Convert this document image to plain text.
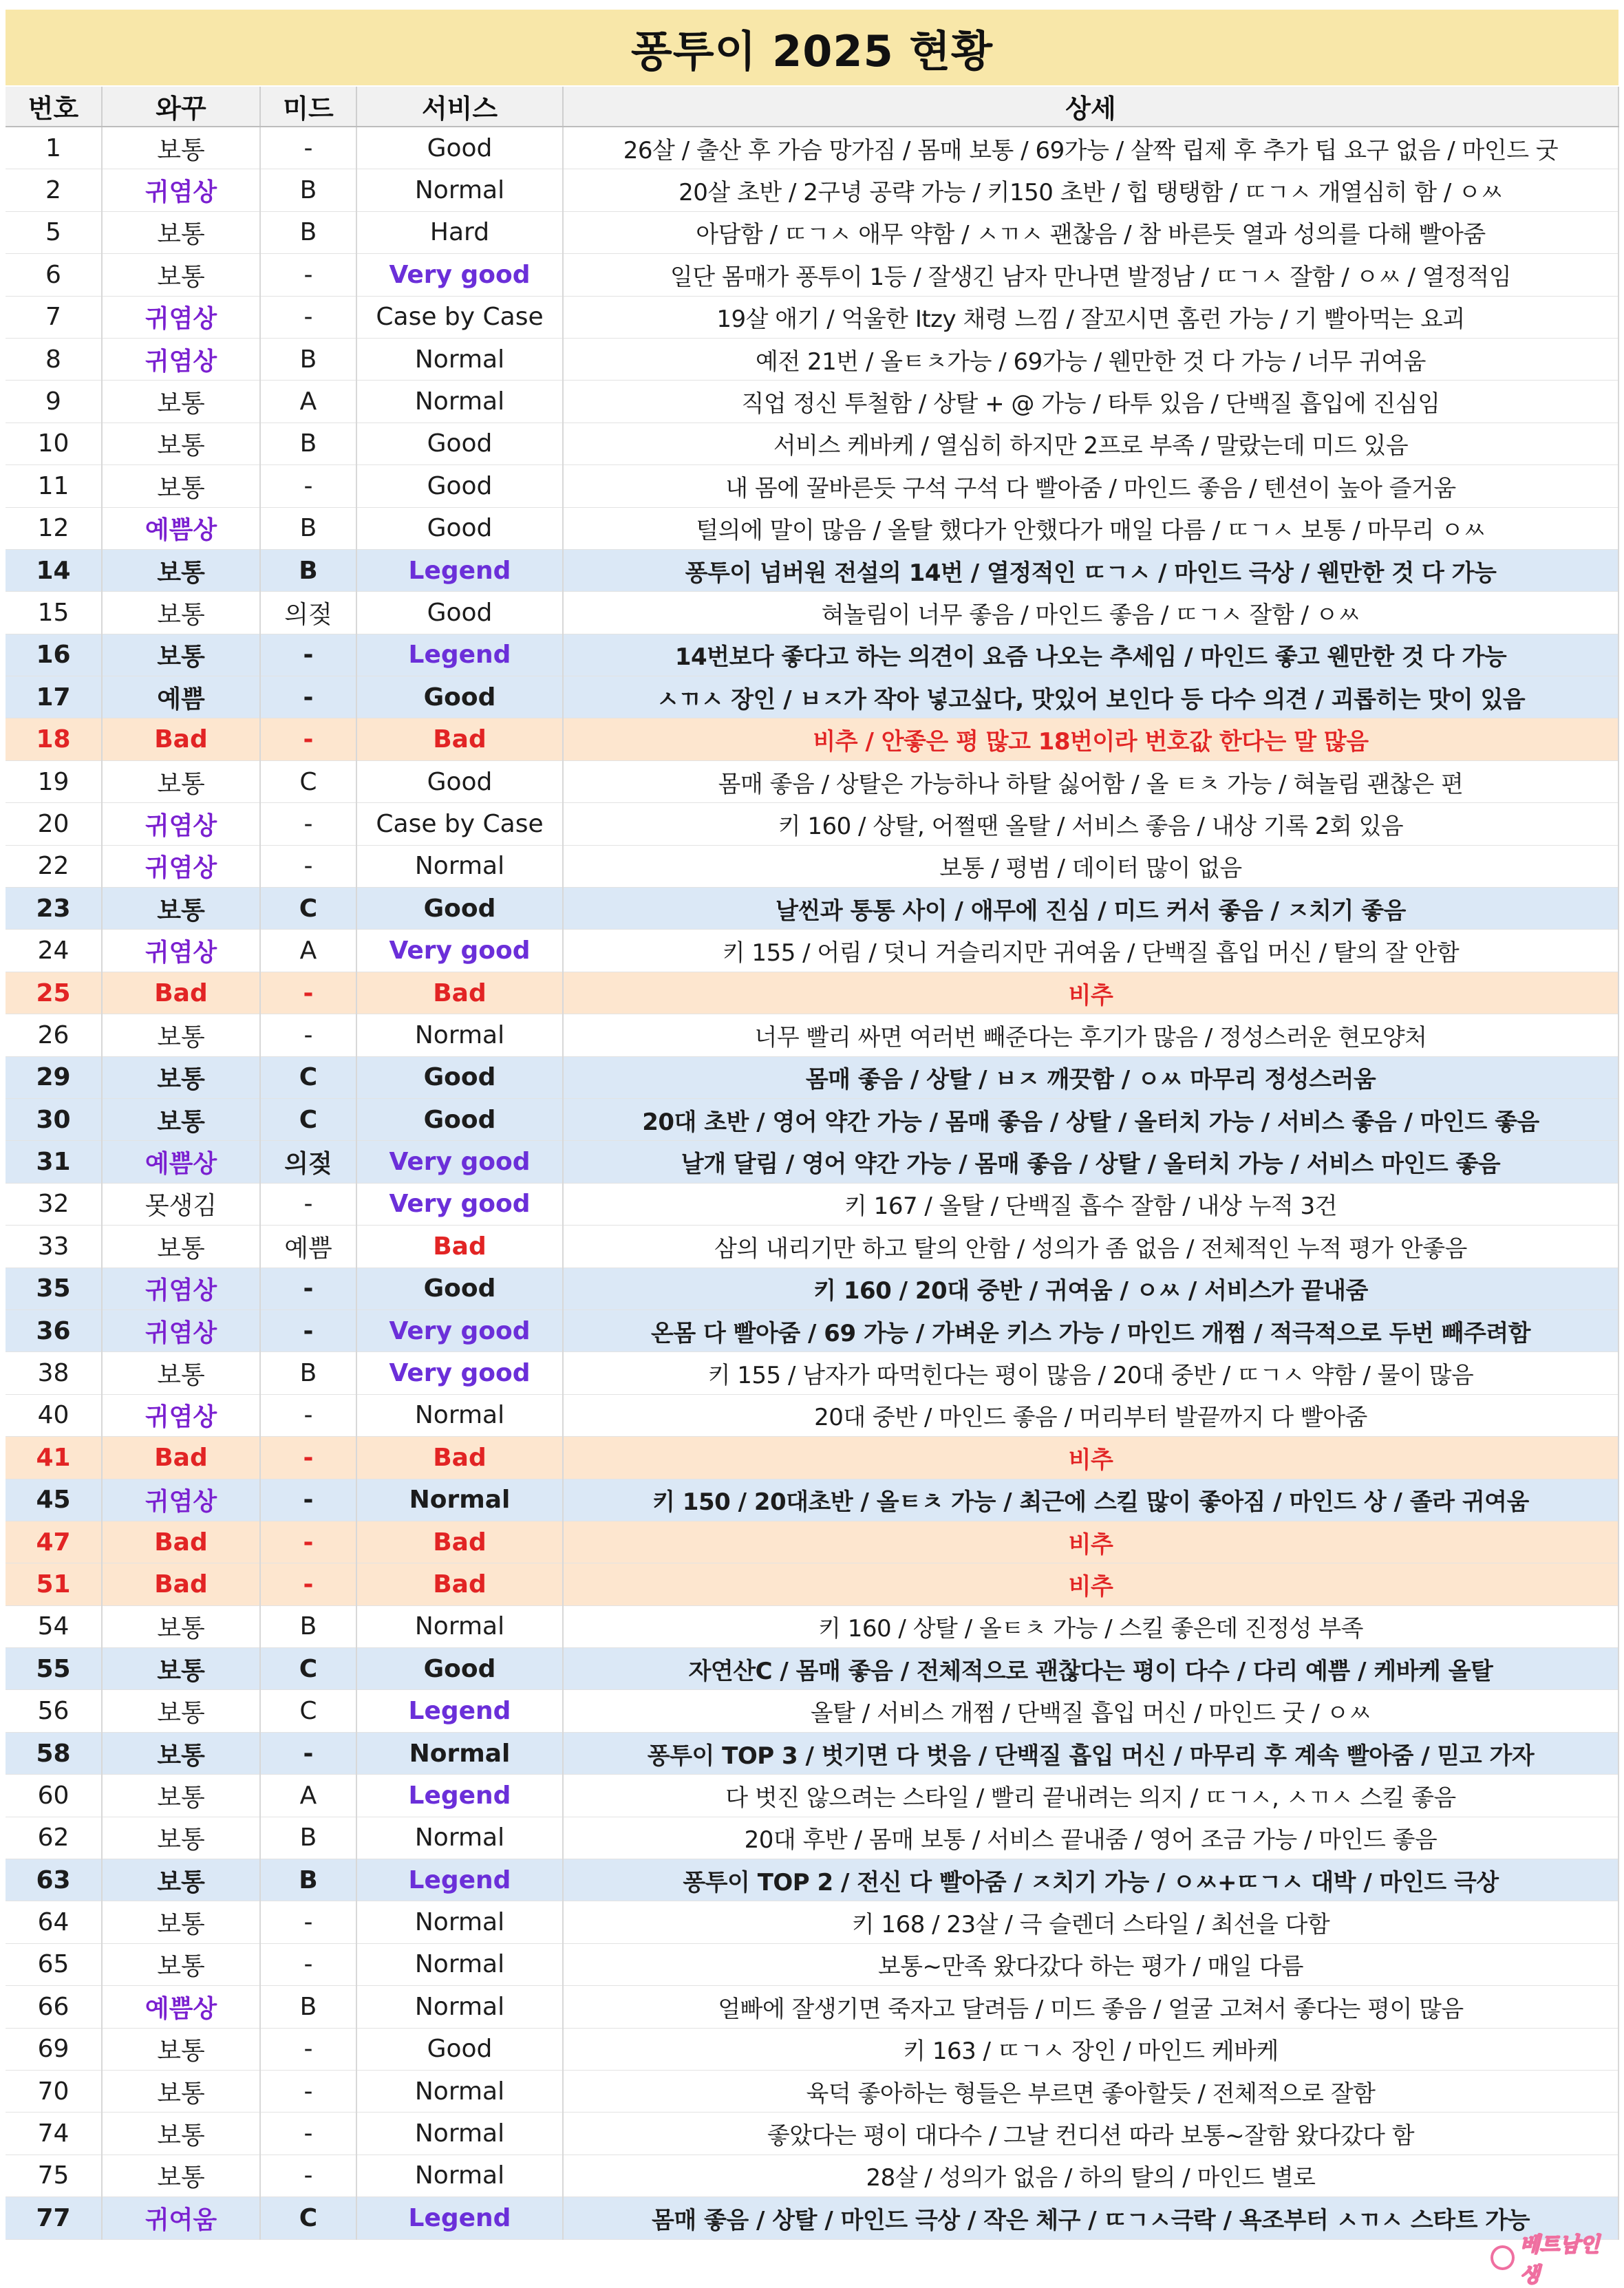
퐁투이 2025 현황
번호	와꾸	미드	서비스	상세
1	보통	-	Good	26살 / 출산 후 가슴 망가짐 / 몸매 보통 / 69가능 / 살짝 립제 후 추가 팁 요구 없음 / 마인드 굿
2	귀염상	B	Normal	20살 초반 / 2구녕 공략 가능 / 키150 초반 / 힙 탱탱함 / ㄸㄱㅅ 개열심히 함 / ㅇㅆ
5	보통	B	Hard	아담함 / ㄸㄱㅅ 애무 약함 / ㅅㄲㅅ 괜찮음 / 참 바른듯 열과 성의를 다해 빨아줌
6	보통	-	Very good	일단 몸매가 퐁투이 1등 / 잘생긴 남자 만나면 발정남 / ㄸㄱㅅ 잘함 / ㅇㅆ / 열정적임
7	귀염상	-	Case by Case	19살 애기 / 억울한 Itzy 채령 느낌 / 잘꼬시면 홈런 가능 / 기 빨아먹는 요괴
8	귀염상	B	Normal	예전 21번 / 올ㅌㅊ가능 / 69가능 / 웬만한 것 다 가능 / 너무 귀여움
9	보통	A	Normal	직업 정신 투철함 / 상탈 + @ 가능 / 타투 있음 / 단백질 흡입에 진심임
10	보통	B	Good	서비스 케바케 / 열심히 하지만 2프로 부족 / 말랐는데 미드 있음
11	보통	-	Good	내 몸에 꿀바른듯 구석 구석 다 빨아줌 / 마인드 좋음 / 텐션이 높아 즐거움
12	예쁨상	B	Good	털의에 말이 많음 / 올탈 했다가 안했다가 매일 다름 / ㄸㄱㅅ 보통 / 마무리 ㅇㅆ
14	보통	B	Legend	퐁투이 넘버원 전설의 14번 / 열정적인 ㄸㄱㅅ / 마인드 극상 / 웬만한 것 다 가능
15	보통	의젖	Good	혀놀림이 너무 좋음 / 마인드 좋음 / ㄸㄱㅅ 잘함 / ㅇㅆ
16	보통	-	Legend	14번보다 좋다고 하는 의견이 요즘 나오는 추세임 / 마인드 좋고 웬만한 것 다 가능
17	예쁨	-	Good	ㅅㄲㅅ 장인 / ㅂㅈ가 작아 넣고싶다, 맛있어 보인다 등 다수 의견 / 괴롭히는 맛이 있음
18	Bad	-	Bad	비추 / 안좋은 평 많고 18번이라 번호값 한다는 말 많음
19	보통	C	Good	몸매 좋음 / 상탈은 가능하나 하탈 싫어함 / 올 ㅌㅊ 가능 / 혀놀림 괜찮은 편
20	귀염상	-	Case by Case	키 160 / 상탈, 어쩔땐 올탈 / 서비스 좋음 / 내상 기록 2회 있음
22	귀염상	-	Normal	보통 / 평범 / 데이터 많이 없음
23	보통	C	Good	날씬과 통통 사이 / 애무에 진심 / 미드 커서 좋음 / ㅈ치기 좋음
24	귀염상	A	Very good	키 155 / 어림 / 덧니 거슬리지만 귀여움 / 단백질 흡입 머신 / 탈의 잘 안함
25	Bad	-	Bad	비추
26	보통	-	Normal	너무 빨리 싸면 여러번 빼준다는 후기가 많음 / 정성스러운 현모양처
29	보통	C	Good	몸매 좋음 / 상탈 / ㅂㅈ 깨끗함 / ㅇㅆ 마무리 정성스러움
30	보통	C	Good	20대 초반 / 영어 약간 가능 / 몸매 좋음 / 상탈 / 올터치 가능 / 서비스 좋음 / 마인드 좋음
31	예쁨상	의젖	Very good	날개 달림 / 영어 약간 가능 / 몸매 좋음 / 상탈 / 올터치 가능 / 서비스 마인드 좋음
32	못생김	-	Very good	키 167 / 올탈 / 단백질 흡수 잘함 / 내상 누적 3건
33	보통	예쁨	Bad	삼의 내리기만 하고 탈의 안함 / 성의가 좀 없음 / 전체적인 누적 평가 안좋음
35	귀염상	-	Good	키 160 / 20대 중반 / 귀여움 / ㅇㅆ / 서비스가 끝내줌
36	귀염상	-	Very good	온몸 다 빨아줌 / 69 가능 / 가벼운 키스 가능 / 마인드 개쩜 / 적극적으로 두번 빼주려함
38	보통	B	Very good	키 155 / 남자가 따먹힌다는 평이 많음 / 20대 중반 / ㄸㄱㅅ 약함 / 물이 많음
40	귀염상	-	Normal	20대 중반 / 마인드 좋음 / 머리부터 발끝까지 다 빨아줌
41	Bad	-	Bad	비추
45	귀염상	-	Normal	키 150 / 20대초반 / 올ㅌㅊ 가능 / 최근에 스킬 많이 좋아짐 / 마인드 상 / 졸라 귀여움
47	Bad	-	Bad	비추
51	Bad	-	Bad	비추
54	보통	B	Normal	키 160 / 상탈 / 올ㅌㅊ 가능 / 스킬 좋은데 진정성 부족
55	보통	C	Good	자연산C / 몸매 좋음 / 전체적으로 괜찮다는 평이 다수 / 다리 예쁨 / 케바케 올탈
56	보통	C	Legend	올탈 / 서비스 개쩜 / 단백질 흡입 머신 / 마인드 굿 / ㅇㅆ
58	보통	-	Normal	퐁투이 TOP 3 / 벗기면 다 벗음 / 단백질 흡입 머신 / 마무리 후 계속 빨아줌 / 믿고 가자
60	보통	A	Legend	다 벗진 않으려는 스타일 / 빨리 끝내려는 의지 / ㄸㄱㅅ, ㅅㄲㅅ 스킬 좋음
62	보통	B	Normal	20대 후반 / 몸매 보통 / 서비스 끝내줌 / 영어 조금 가능 / 마인드 좋음
63	보통	B	Legend	퐁투이 TOP 2 / 전신 다 빨아줌 / ㅈ치기 가능 / ㅇㅆ+ㄸㄱㅅ 대박 / 마인드 극상
64	보통	-	Normal	키 168 / 23살 / 극 슬렌더 스타일 / 최선을 다함
65	보통	-	Normal	보통~만족 왔다갔다 하는 평가 / 매일 다름
66	예쁨상	B	Normal	얼빠에 잘생기면 죽자고 달려듬 / 미드 좋음 / 얼굴 고쳐서 좋다는 평이 많음
69	보통	-	Good	키 163 / ㄸㄱㅅ 장인 / 마인드 케바케
70	보통	-	Normal	육덕 좋아하는 형들은 부르면 좋아할듯 / 전체적으로 잘함
74	보통	-	Normal	좋았다는 평이 대다수 / 그날 컨디션 따라 보통~잘함 왔다갔다 함
75	보통	-	Normal	28살 / 성의가 없음 / 하의 탈의 / 마인드 별로
77	귀여움	C	Legend	몸매 좋음 / 상탈 / 마인드 극상 / 작은 체구 / ㄸㄱㅅ극락 / 욕조부터 ㅅㄲㅅ 스타트 가능
베트남인생
